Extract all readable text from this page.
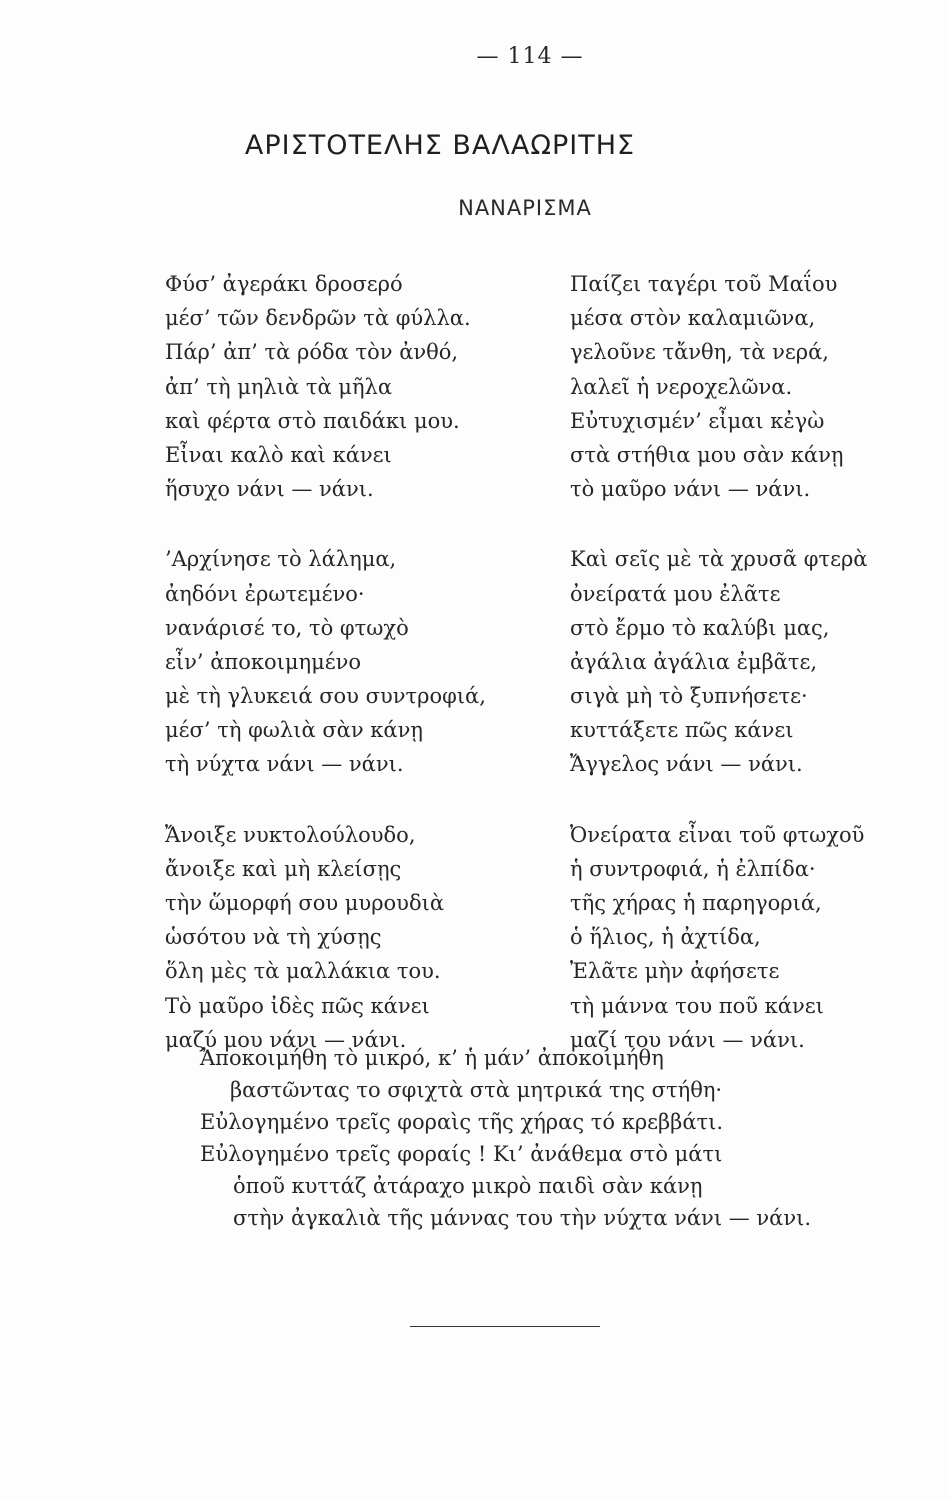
— 114 —
ΑΡΙΣΤΟΤΕΛΗΣ ΒΑΛΑΩΡΙΤΗΣ
ΝΑΝΑΡΙΣΜΑ
Φύσ’ ἀγεράκι δροσερό
μέσ’ τῶν δενδρῶν τὰ φύλλα.
Πάρ’ ἀπ’ τὰ ρόδα τὸν ἀνθό,
ἀπ’ τὴ μηλιὰ τὰ μῆλα
καὶ φέρτα στὸ παιδάκι μου.
Εἶναι καλὸ καὶ κάνει
ἥσυχο νάνι — νάνι.
’Αρχίνησε τὸ λάλημα,
ἀηδόνι ἐρωτεμένο·
νανάρισέ το, τὸ φτωχὸ
εἶν’ ἀποκοιμημένο
μὲ τὴ γλυκειά σου συντροφιά,
μέσ’ τὴ φωλιὰ σὰν κάνῃ
τὴ νύχτα νάνι — νάνι.
Ἄνοιξε νυκτολούλουδο,
ἄνοιξε καὶ μὴ κλείσῃς
τὴν ὥμορφή σου μυρουδιὰ
ὡσότου νὰ τὴ χύσῃς
ὅλη μὲς τὰ μαλλάκια του.
Τὸ μαῦρο ἰδὲς πῶς κάνει
μαζύ μου νάνι — νάνι.
Παίζει ταγέρι τοῦ Μαΐου
μέσα στὸν καλαμιῶνα,
γελοῦνε τἄνθη, τὰ νερά,
λαλεῖ ἡ νεροχελῶνα.
Εὐτυχισμέν’ εἶμαι κἐγὼ
στὰ στήθια μου σὰν κάνῃ
τὸ μαῦρο νάνι — νάνι.
Καὶ σεῖς μὲ τὰ χρυσᾶ φτερὰ
ὀνείρατά μου ἐλᾶτε
στὸ ἔρμο τὸ καλύβι μας,
ἀγάλια ἀγάλια ἐμβᾶτε,
σιγὰ μὴ τὸ ξυπνήσετε·
κυττάξετε πῶς κάνει
Ἄγγελος νάνι — νάνι.
Ὀνείρατα εἶναι τοῦ φτωχοῦ
ἡ συντροφιά, ἡ ἐλπίδα·
τῆς χήρας ἡ παρηγοριά,
ὁ ἥλιος, ἡ ἀχτίδα,
Ἐλᾶτε μὴν ἀφήσετε
τὴ μάννα του ποῦ κάνει
μαζί του νάνι — νάνι.
Ἀποκοιμήθη τὸ μικρό, κ’ ἡ μάν’ ἀποκοιμήθη
βαστῶντας το σφιχτὰ στὰ μητρικά της στήθη·
Εὐλογημένο τρεῖς φοραὶς τῆς χήρας τό κρεββάτι.
Εὐλογημένο τρεῖς φοραίς ! Κι’ ἀνάθεμα στὸ μάτι
ὁποῦ κυττάζ ἀτάραχο μικρὸ παιδὶ σὰν κάνῃ
στὴν ἀγκαλιὰ τῆς μάννας του τὴν νύχτα νάνι — νάνι.
